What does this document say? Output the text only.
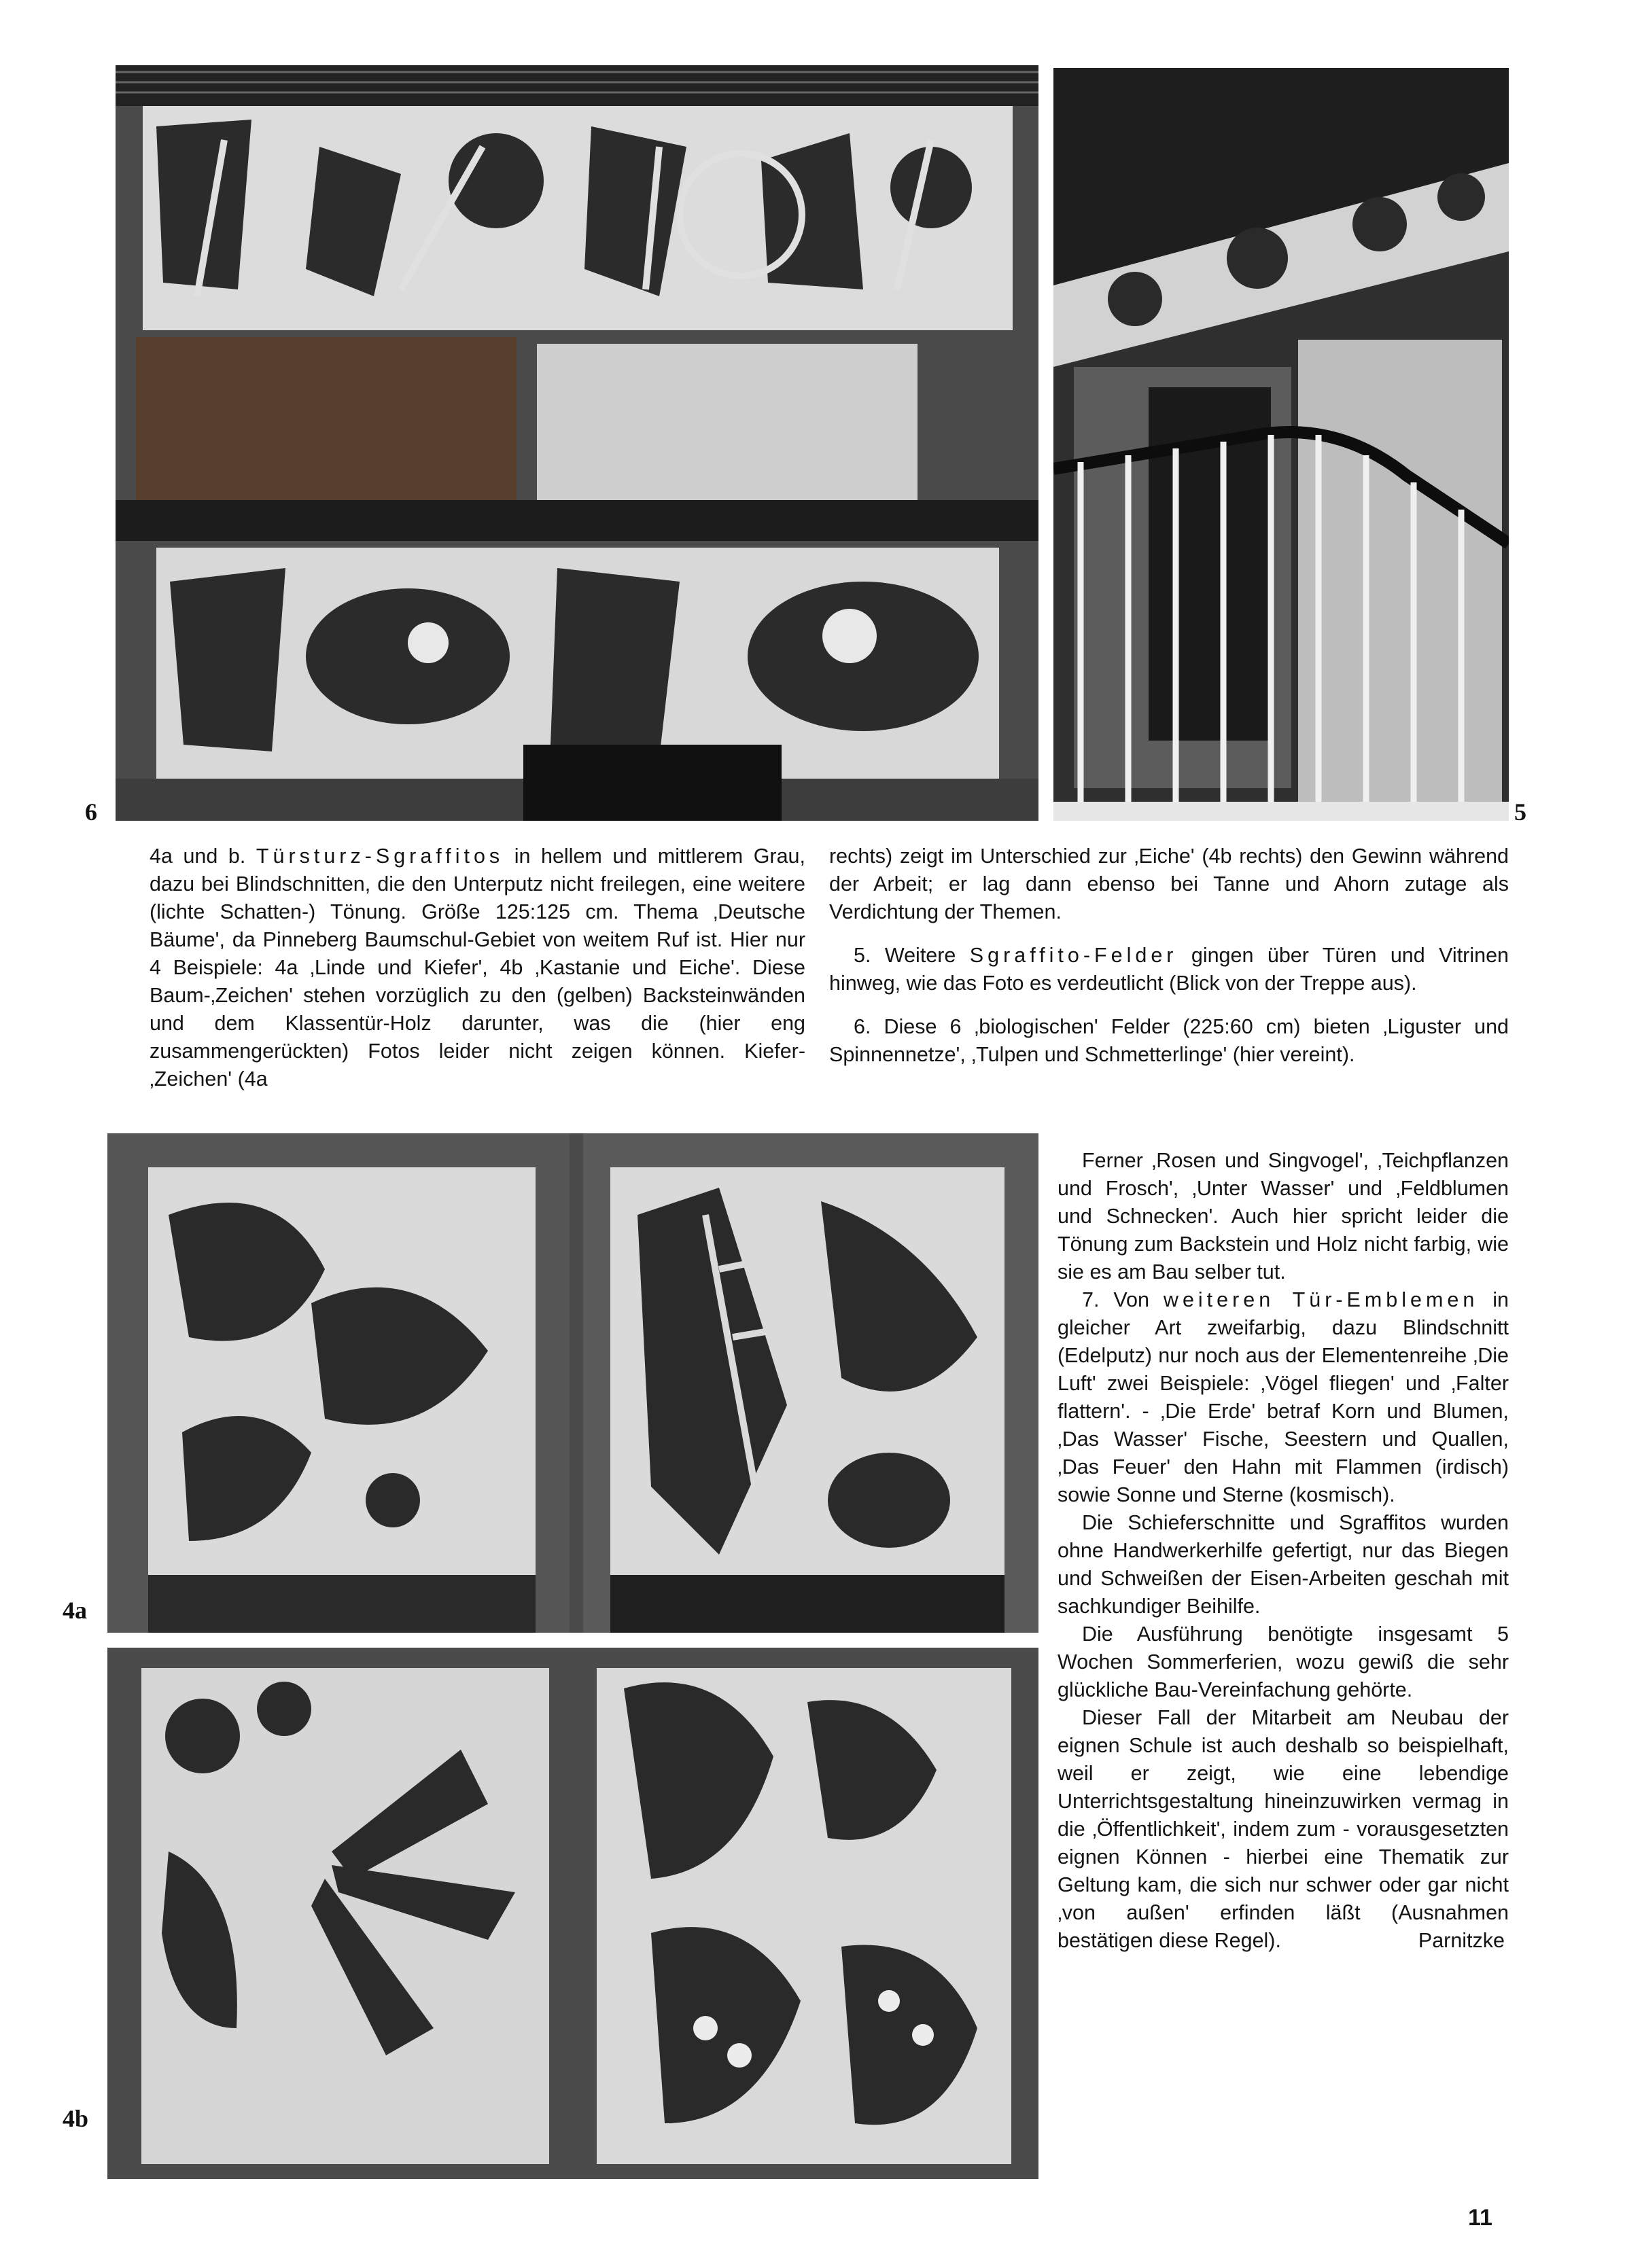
6	5

4a und b. Türsturz-Sgraffitos in hellem und mittlerem Grau, dazu bei Blindschnitten, die den Unterputz nicht freilegen, eine weitere (lichte Schatten-) Tönung. Größe 125:125 cm. Thema ‚Deutsche Bäume', da Pinneberg Baumschul-Gebiet von weitem Ruf ist. Hier nur 4 Beispiele: 4a ‚Linde und Kiefer', 4b ‚Kastanie und Eiche'. Diese Baum-‚Zeichen' stehen vorzüglich zu den (gelben) Backsteinwänden und dem Klassentür-Holz darunter, was die (hier eng zusammengerückten) Fotos leider nicht zeigen können. Kiefer-‚Zeichen' (4a

rechts) zeigt im Unterschied zur ‚Eiche' (4b rechts) den Gewinn während der Arbeit; er lag dann ebenso bei Tanne und Ahorn zutage als Verdichtung der Themen.

5. Weitere Sgraffito-Felder gingen über Türen und Vitrinen hinweg, wie das Foto es verdeutlicht (Blick von der Treppe aus).

6. Diese 6 ‚biologischen' Felder (225:60 cm) bieten ‚Liguster und Spinnennetze', ‚Tulpen und Schmetterlinge' (hier vereint).

4a
4b

Ferner ‚Rosen und Singvogel', ‚Teichpflanzen und Frosch', ‚Unter Wasser' und ‚Feldblumen und Schnecken'. Auch hier spricht leider die Tönung zum Backstein und Holz nicht farbig, wie sie es am Bau selber tut.

7. Von weiteren Tür-Emblemen in gleicher Art zweifarbig, dazu Blindschnitt (Edelputz) nur noch aus der Elementenreihe ‚Die Luft' zwei Beispiele: ‚Vögel fliegen' und ‚Falter flattern'. - ‚Die Erde' betraf Korn und Blumen, ‚Das Wasser' Fische, Seestern und Quallen, ‚Das Feuer' den Hahn mit Flammen (irdisch) sowie Sonne und Sterne (kosmisch).

Die Schieferschnitte und Sgraffitos wurden ohne Handwerkerhilfe gefertigt, nur das Biegen und Schweißen der Eisen-Arbeiten geschah mit sachkundiger Beihilfe.

Die Ausführung benötigte insgesamt 5 Wochen Sommerferien, wozu gewiß die sehr glückliche Bau-Vereinfachung gehörte.

Dieser Fall der Mitarbeit am Neubau der eignen Schule ist auch deshalb so beispielhaft, weil er zeigt, wie eine lebendige Unterrichtsgestaltung hineinzuwirken vermag in die ‚Öffentlichkeit', indem zum - vorausgesetzten eignen Können - hierbei eine Thematik zur Geltung kam, die sich nur schwer oder gar nicht ‚von außen' erfinden läßt (Ausnahmen bestätigen diese Regel).	Parnitzke

11
